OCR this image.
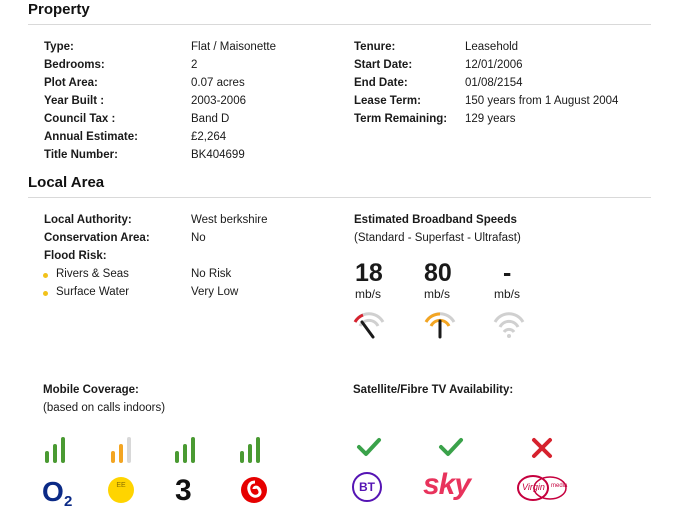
Property
Type:	Flat / Maisonette
Bedrooms:	2
Plot Area:	0.07 acres
Year Built :	2003-2006
Council Tax :	Band D
Annual Estimate:	£2,264
Title Number:	BK404699
Tenure:	Leasehold
Start Date:	12/01/2006
End Date:	01/08/2154
Lease Term:	150 years from 1 August 2004
Term Remaining: 129 years
Local Area
Local Authority:	West berkshire
Conservation Area:	No
Flood Risk:
Rivers & Seas	No Risk
Surface Water	Very Low
Estimated Broadband Speeds
(Standard - Superfast - Ultrafast)
18
mb/s
80
mb/s
-
mb/s
Mobile Coverage:
(based on calls indoors)
O 2
EE 3
Satellite/Fibre TV Availability:
BT sky	Virgin media
